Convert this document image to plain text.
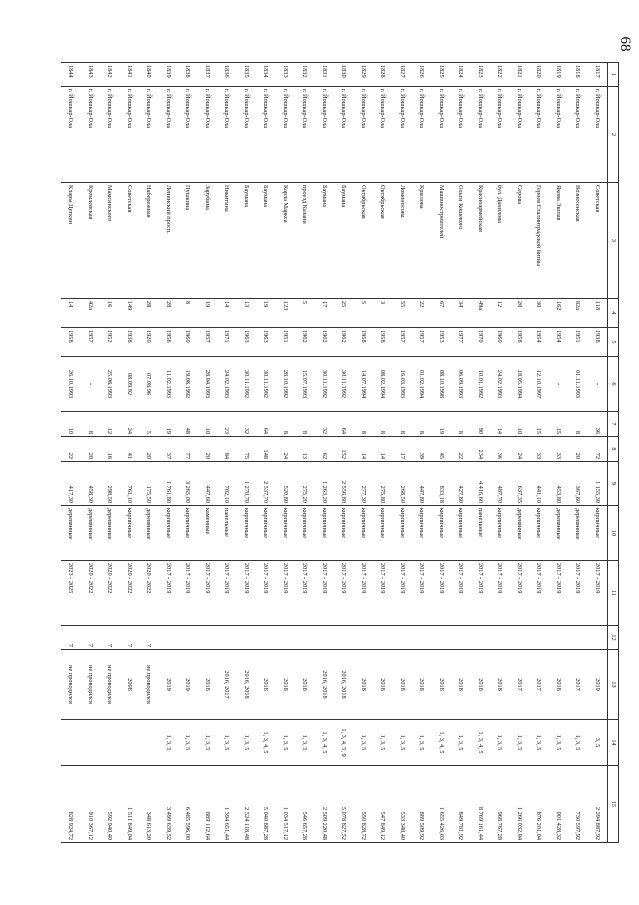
68
1	2	3	4	5	6	7	8	9	10	11	12	13	14	15
1817	г. Йошкар-Ола	Советская	118	1938	-	36	72	1 155,30	кирпичные	2017 - 2019		2019	3, 5	2 294 887,92
1818	г. Йошкар-Ола	Вознесенская	82а	1951	01.11.1993	8	20	367,80	деревянные	2017 - 2019		2017	1, 3, 5	730 597,92
1819	г. Йошкар-Ола	Якова Эшпая	162	1954	-	15	33	453,80	деревянные	2017 - 2019		2018	1, 3, 5	901 428,32
1820	г. Йошкар-Ола	Героев Сталинградской битвы	30	1954	12.10.1997	15	33	441,10	кирпичные	2017 - 2019		2017	1, 3, 5	876 201,04
1821	г. Йошкар-Ола	Серова	20	1958	18.05.1994	10	24	637,35	деревянные	2017 - 2019		2017	1, 3, 5	1 266 032,04
1822	г. Йошкар-Ола	бул. Данилова	12	1960	24.02.1993	14	36	487,70	кирпичные	2017 - 2019		2018	1, 3, 5	968 767,28
1823	г. Йошкар-Ола	Красноармейская	49а	1970	10.01.1992	90	234	4 416,60	панельные	2017 - 2019		2018	1, 3, 4, 5	8 769 161,44
1824	г. Йошкар-Ола	Ольги Кошевого	34	1977	06.09.1993	8	22	427,80	кирпичные	2017 - 2019		2018	1, 3, 5	849 781,92
1825	г. Йошкар-Ола	Машиностроителей	67	1953	08.10.1998	19	45	833,18	кирпичные	2017 - 2019		2018	1, 3, 4, 5	1 655 426,03
1826	г. Йошкар-Ола	Крылова	22	1957	01.02.1994	8	39	447,80	кирпичные	2017 - 2019		2018	1, 3, 5	889 509,92
1827	г. Йошкар-Ола	Ломоносова	55	1957	16.03.1993	8	17	268,50	кирпичные	2017 - 2019		2018	1, 3, 5	533 348,40
1828	г. Йошкар-Ола	Октябрьская	3	1958	08.02.1994	8	14	275,80	кирпичные	2017 - 2019		2018	1, 3, 5	547 849,12
1829	г. Йошкар-Ола	Октябрьская	5	1958	14.07.1994	8	14	277,30	кирпичные	2017 - 2019		2018	1, 3, 5	550 828,72
1830	г. Йошкар-Ола	Баумана	25	1962	30.11.1992	64	152	2 556,80	кирпичные	2017 - 2019		2016, 2018	1, 3, 4, 5, 9	5 078 827,52
1831	г. Йошкар-Ола	Баумана	17	1962	30.11.1992	32	62	1 263,20	кирпичные	2017 - 2019		2016, 2018	1, 3, 4, 5	2 509 220,48
1832	г. Йошкар-Ола	проезд Казани	5	1962	15.07.1993	8	13	275,20	кирпичные	2017 - 2019		2018	1, 3, 5	546 657,28
1833	г. Йошкар-Ола	Карла Маркса	123	1951	28.10.1992	8	24	520,80	кирпичные	2017 - 2019		2018	1, 3, 5	1 034 517,12
1834	г. Йошкар-Ола	Баумана	19	1963	30.11.1992	64	148	2 537,70	кирпичные	2017 - 2019		2018	1, 3, 4, 5	5 040 887,28
1835	г. Йошкар-Ола	Баумана	13	1963	30.11.1992	32	75	1 270,70	кирпичные	2017 - 2019		2016, 2018	1, 3, 5	2 524 118,48
1836	г. Йошкар-Ола	Никитина	14	1971	24.02.1993	23	84	702,10	панельные	2017 - 2019		2016, 2017	1, 3, 5	1 394 651,44
1837	г. Йошкар-Ола	Зарубина	19	1957	28.04.1993	10	20	447,60	каменные	2017 - 2019		2018	1, 3, 5	889 112,64
1838	г. Йошкар-Ола	Пушкина	8	1960	19.08.1992	48	77	3 265,00	кирпичные	2017 - 2019		2019	1, 3, 5	6 485 596,00
1839	г. Йошкар-Ола	Ленинский просп.	28	1956	11.02.1993	19	37	1 761,80	кирпичные	2017 - 2019		2019	1, 3, 5	3 499 639,52
1840	г. Йошкар-Ола	Набережная	28	1920	07.08.96	5	20	175,50	деревянные	2020 - 2022	7	не проводился		348 613,20
1841	г. Йошкар-Ола	Советская	149	1938	08.09.92	24	41	761,10	кирпичные	2020 - 2022	7	2008		1 511 849,04
1842	г. Йошкар-Ола	Мамсинского	16	1952	25.08.1993	12	16	298,50	деревянные	2020 - 2022	7	не проводился		592 940,40
1843	г. Йошкар-Ола	Кремлевская	42а	1957	-	8	20	458,30	деревянные	2020 - 2022	7	не проводился		910 367,12
1844	г. Йошкар-Ола	Клары Цеткин	14	1958	26.10.1993	10	22	417,30	деревянные	2023 - 2025	7	не проводился		828 924,72
